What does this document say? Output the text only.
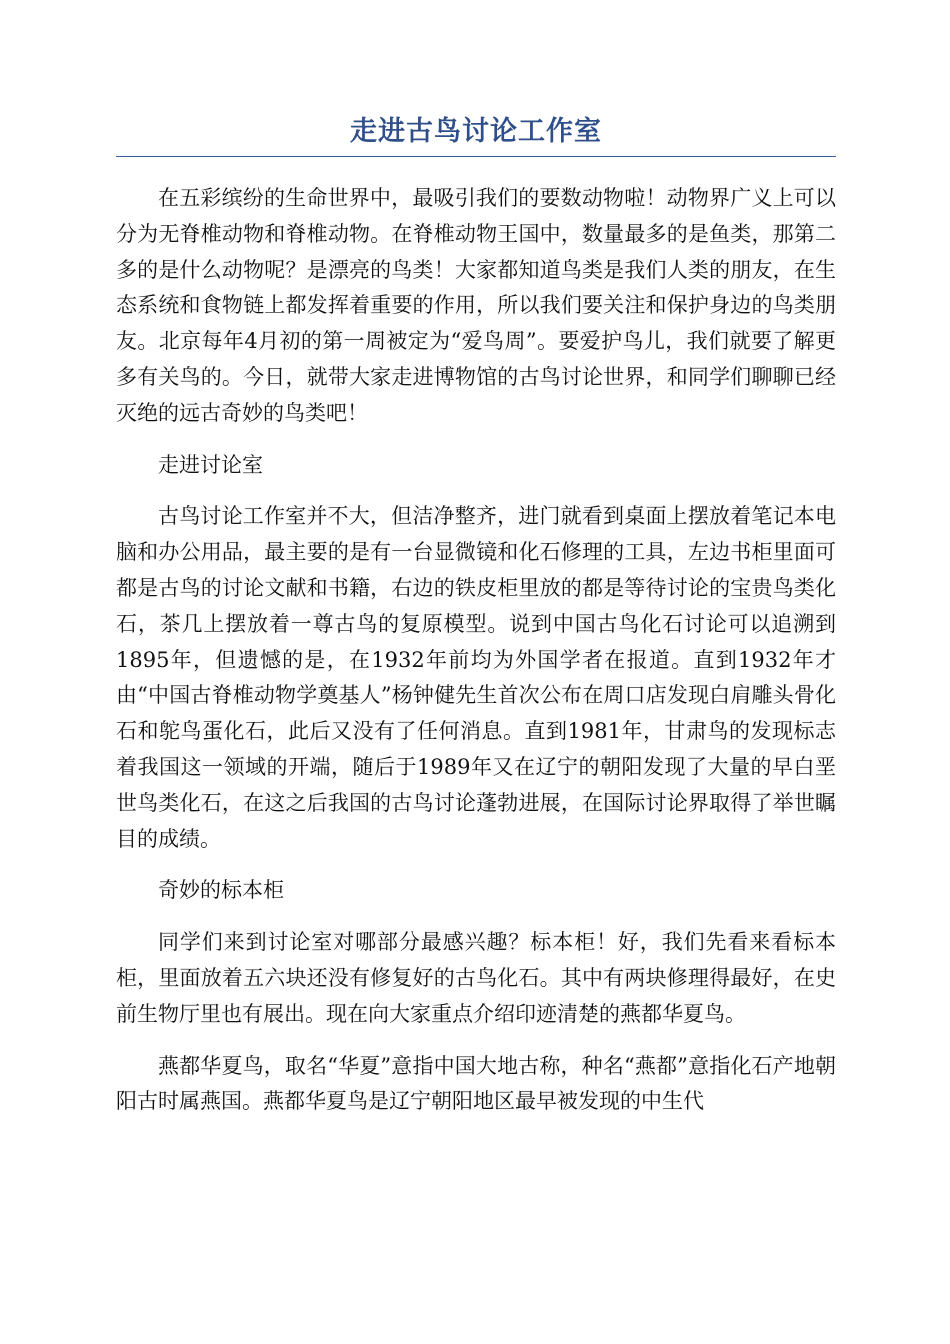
走进古鸟讨论工作室

在五彩缤纷的生命世界中，最吸引我们的要数动物啦！动物界广义上可以分为无脊椎动物和脊椎动物。在脊椎动物王国中，数量最多的是鱼类，那第二多的是什么动物呢？是漂亮的鸟类！大家都知道鸟类是我们人类的朋友，在生态系统和食物链上都发挥着重要的作用，所以我们要关注和保护身边的鸟类朋友。北京每年4月初的第一周被定为“爱鸟周”。要爱护鸟儿，我们就要了解更多有关鸟的。今日，就带大家走进博物馆的古鸟讨论世界，和同学们聊聊已经灭绝的远古奇妙的鸟类吧！

走进讨论室

古鸟讨论工作室并不大，但洁净整齐，进门就看到桌面上摆放着笔记本电脑和办公用品，最主要的是有一台显微镜和化石修理的工具，左边书柜里面可都是古鸟的讨论文献和书籍，右边的铁皮柜里放的都是等待讨论的宝贵鸟类化石，茶几上摆放着一尊古鸟的复原模型。说到中国古鸟化石讨论可以追溯到1895年，但遗憾的是，在1932年前均为外国学者在报道。直到1932年才由“中国古脊椎动物学奠基人”杨钟健先生首次公布在周口店发现白肩雕头骨化石和鸵鸟蛋化石，此后又没有了任何消息。直到1981年，甘肃鸟的发现标志着我国这一领域的开端，随后于1989年又在辽宁的朝阳发现了大量的早白垩世鸟类化石，在这之后我国的古鸟讨论蓬勃进展，在国际讨论界取得了举世瞩目的成绩。

奇妙的标本柜

同学们来到讨论室对哪部分最感兴趣？标本柜！好，我们先看来看标本柜，里面放着五六块还没有修复好的古鸟化石。其中有两块修理得最好，在史前生物厅里也有展出。现在向大家重点介绍印迹清楚的燕都华夏鸟。

燕都华夏鸟，取名“华夏”意指中国大地古称，种名“燕都”意指化石产地朝阳古时属燕国。燕都华夏鸟是辽宁朝阳地区最早被发现的中生代
